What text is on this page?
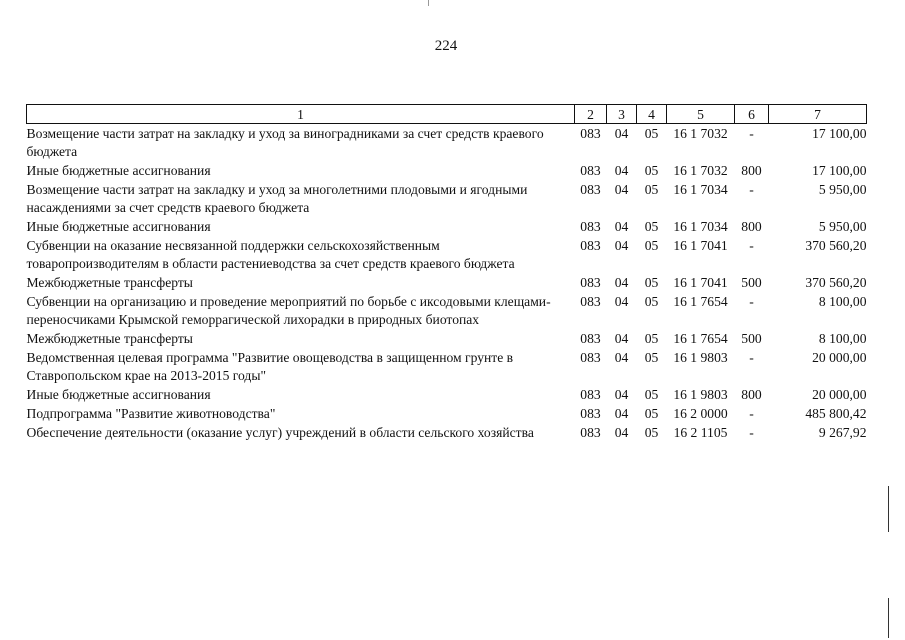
224
1	2	3	4	5	6	7
Возмещение части затрат на закладку и уход за виноградниками за счет средств краевого бюджета	083	04	05	16 1 7032	-	17 100,00
Иные бюджетные ассигнования	083	04	05	16 1 7032	800	17 100,00
Возмещение части затрат на закладку и уход за многолетними плодовыми и ягодными насаждениями за счет средств краевого бюджета	083	04	05	16 1 7034	-	5 950,00
Иные бюджетные ассигнования	083	04	05	16 1 7034	800	5 950,00
Субвенции на оказание несвязанной поддержки сельскохозяйственным товаропроизводителям в области растениеводства за счет средств краевого бюджета	083	04	05	16 1 7041	-	370 560,20
Межбюджетные трансферты	083	04	05	16 1 7041	500	370 560,20
Субвенции на организацию и проведение мероприятий по борьбе с иксодовыми клещами-переносчиками Крымской геморрагической лихорадки в природных биотопах	083	04	05	16 1 7654	-	8 100,00
Межбюджетные трансферты	083	04	05	16 1 7654	500	8 100,00
Ведомственная целевая программа "Развитие овощеводства в защищенном грунте в Ставропольском крае на 2013-2015 годы"	083	04	05	16 1 9803	-	20 000,00
Иные бюджетные ассигнования	083	04	05	16 1 9803	800	20 000,00
Подпрограмма "Развитие животноводства"	083	04	05	16 2 0000	-	485 800,42
Обеспечение деятельности (оказание услуг) учреждений в области сельского хозяйства	083	04	05	16 2 1105	-	9 267,92
